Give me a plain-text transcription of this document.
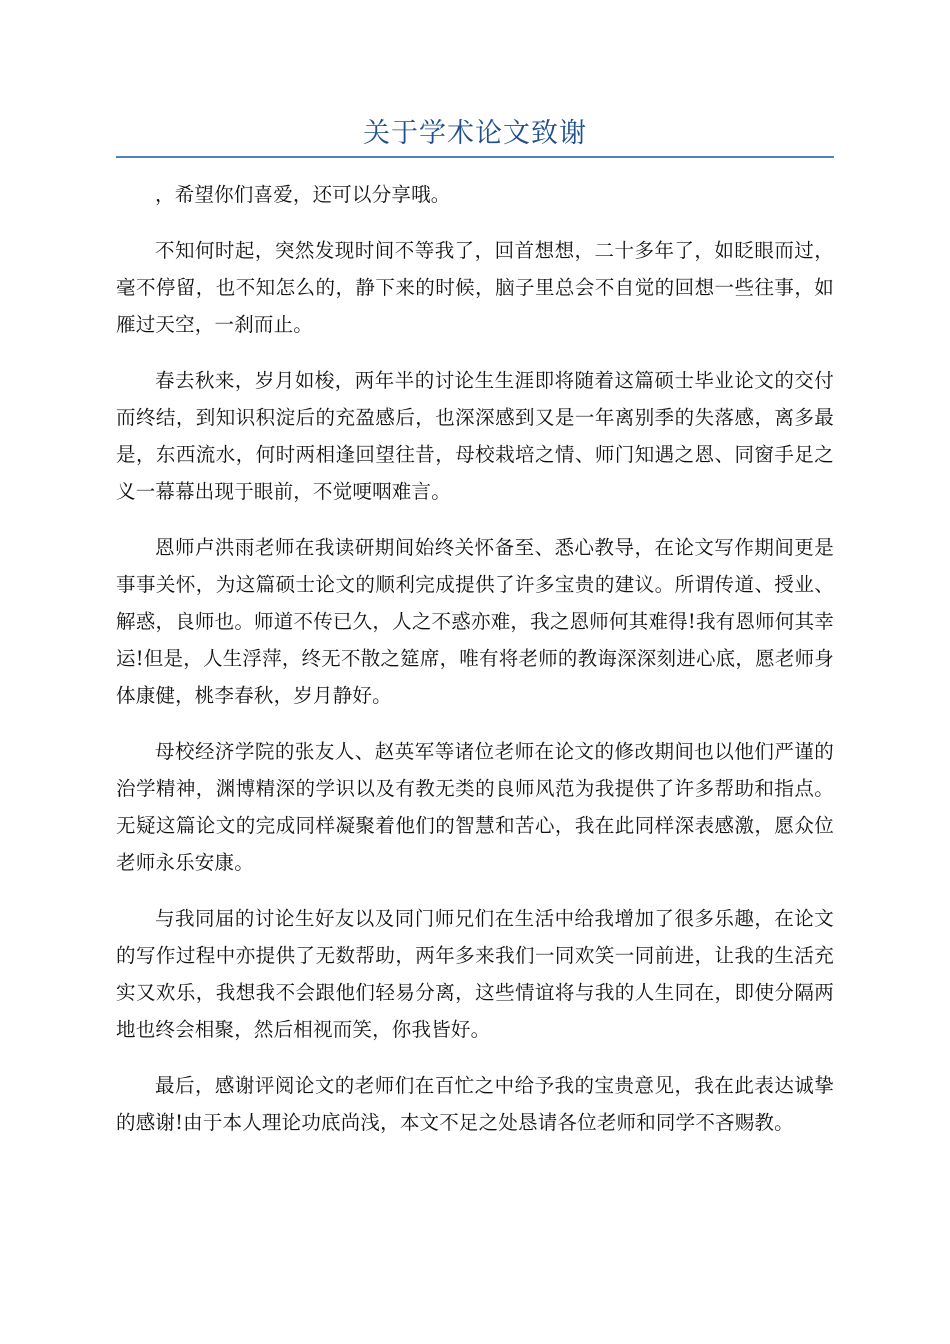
关于学术论文致谢

，希望你们喜爱，还可以分享哦。

不知何时起，突然发现时间不等我了，回首想想，二十多年了，如眨眼而过，毫不停留，也不知怎么的，静下来的时候，脑子里总会不自觉的回想一些往事，如雁过天空，一刹而止。

春去秋来，岁月如梭，两年半的讨论生生涯即将随着这篇硕士毕业论文的交付而终结，到知识积淀后的充盈感后，也深深感到又是一年离别季的失落感，离多最是，东西流水，何时两相逢回望往昔，母校栽培之情、师门知遇之恩、同窗手足之义一幕幕出现于眼前，不觉哽咽难言。

恩师卢洪雨老师在我读研期间始终关怀备至、悉心教导，在论文写作期间更是事事关怀，为这篇硕士论文的顺利完成提供了许多宝贵的建议。所谓传道、授业、解惑，良师也。师道不传已久，人之不惑亦难，我之恩师何其难得!我有恩师何其幸运!但是，人生浮萍，终无不散之筵席，唯有将老师的教诲深深刻进心底，愿老师身体康健，桃李春秋，岁月静好。

母校经济学院的张友人、赵英军等诸位老师在论文的修改期间也以他们严谨的治学精神，渊博精深的学识以及有教无类的良师风范为我提供了许多帮助和指点。无疑这篇论文的完成同样凝聚着他们的智慧和苦心，我在此同样深表感激，愿众位老师永乐安康。

与我同届的讨论生好友以及同门师兄们在生活中给我增加了很多乐趣，在论文的写作过程中亦提供了无数帮助，两年多来我们一同欢笑一同前进，让我的生活充实又欢乐，我想我不会跟他们轻易分离，这些情谊将与我的人生同在，即使分隔两地也终会相聚，然后相视而笑，你我皆好。

最后，感谢评阅论文的老师们在百忙之中给予我的宝贵意见，我在此表达诚挚的感谢!由于本人理论功底尚浅，本文不足之处恳请各位老师和同学不吝赐教。
